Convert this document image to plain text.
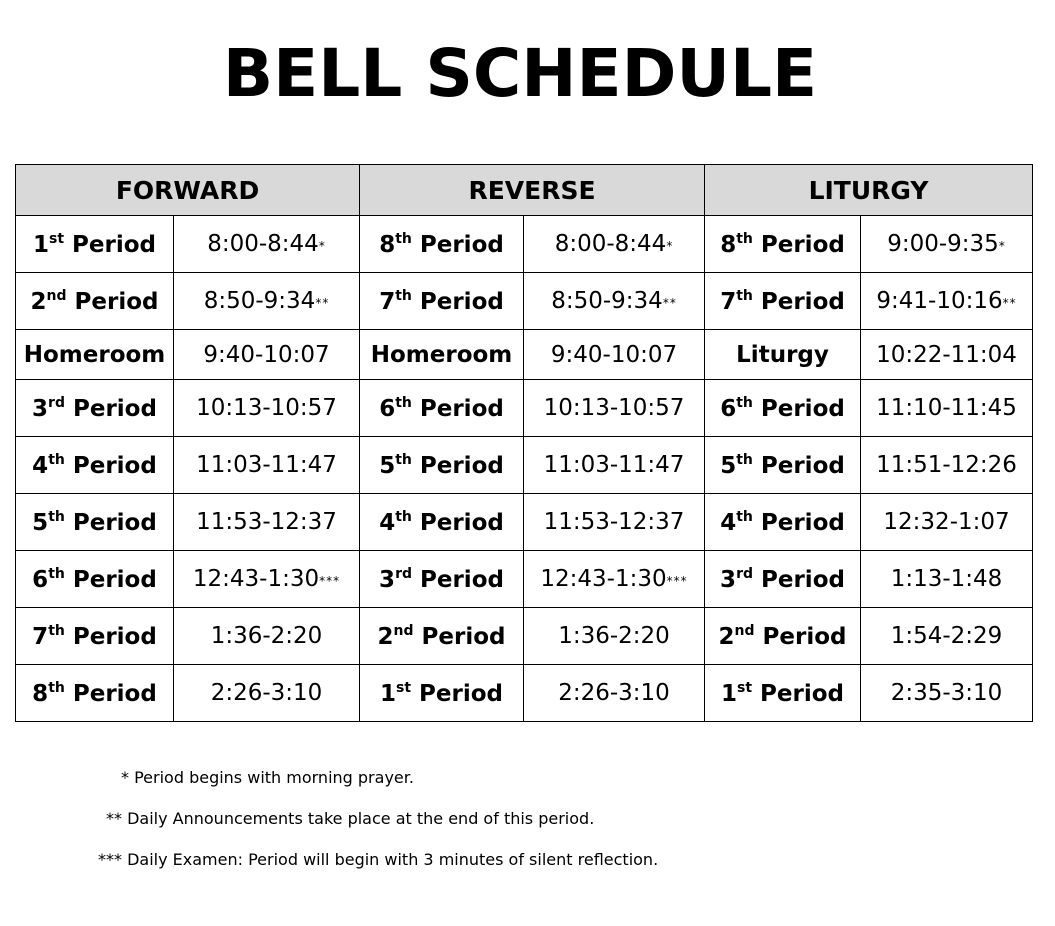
BELL SCHEDULE
FORWARD		REVERSE		LITURGY	
1st Period	8:00-8:44*	8th Period	8:00-8:44*	8th Period	9:00-9:35*
2nd Period	8:50-9:34**	7th Period	8:50-9:34**	7th Period	9:41-10:16**
Homeroom	9:40-10:07	Homeroom	9:40-10:07	Liturgy	10:22-11:04
3rd Period	10:13-10:57	6th Period	10:13-10:57	6th Period	11:10-11:45
4th Period	11:03-11:47	5th Period	11:03-11:47	5th Period	11:51-12:26
5th Period	11:53-12:37	4th Period	11:53-12:37	4th Period	12:32-1:07
6th Period	12:43-1:30***	3rd Period	12:43-1:30***	3rd Period	1:13-1:48
7th Period	1:36-2:20	2nd Period	1:36-2:20	2nd Period	1:54-2:29
8th Period	2:26-3:10	1st Period	2:26-3:10	1st Period	2:35-3:10
* Period begins with morning prayer.
** Daily Announcements take place at the end of this period.
*** Daily Examen: Period will begin with 3 minutes of silent reflection.
